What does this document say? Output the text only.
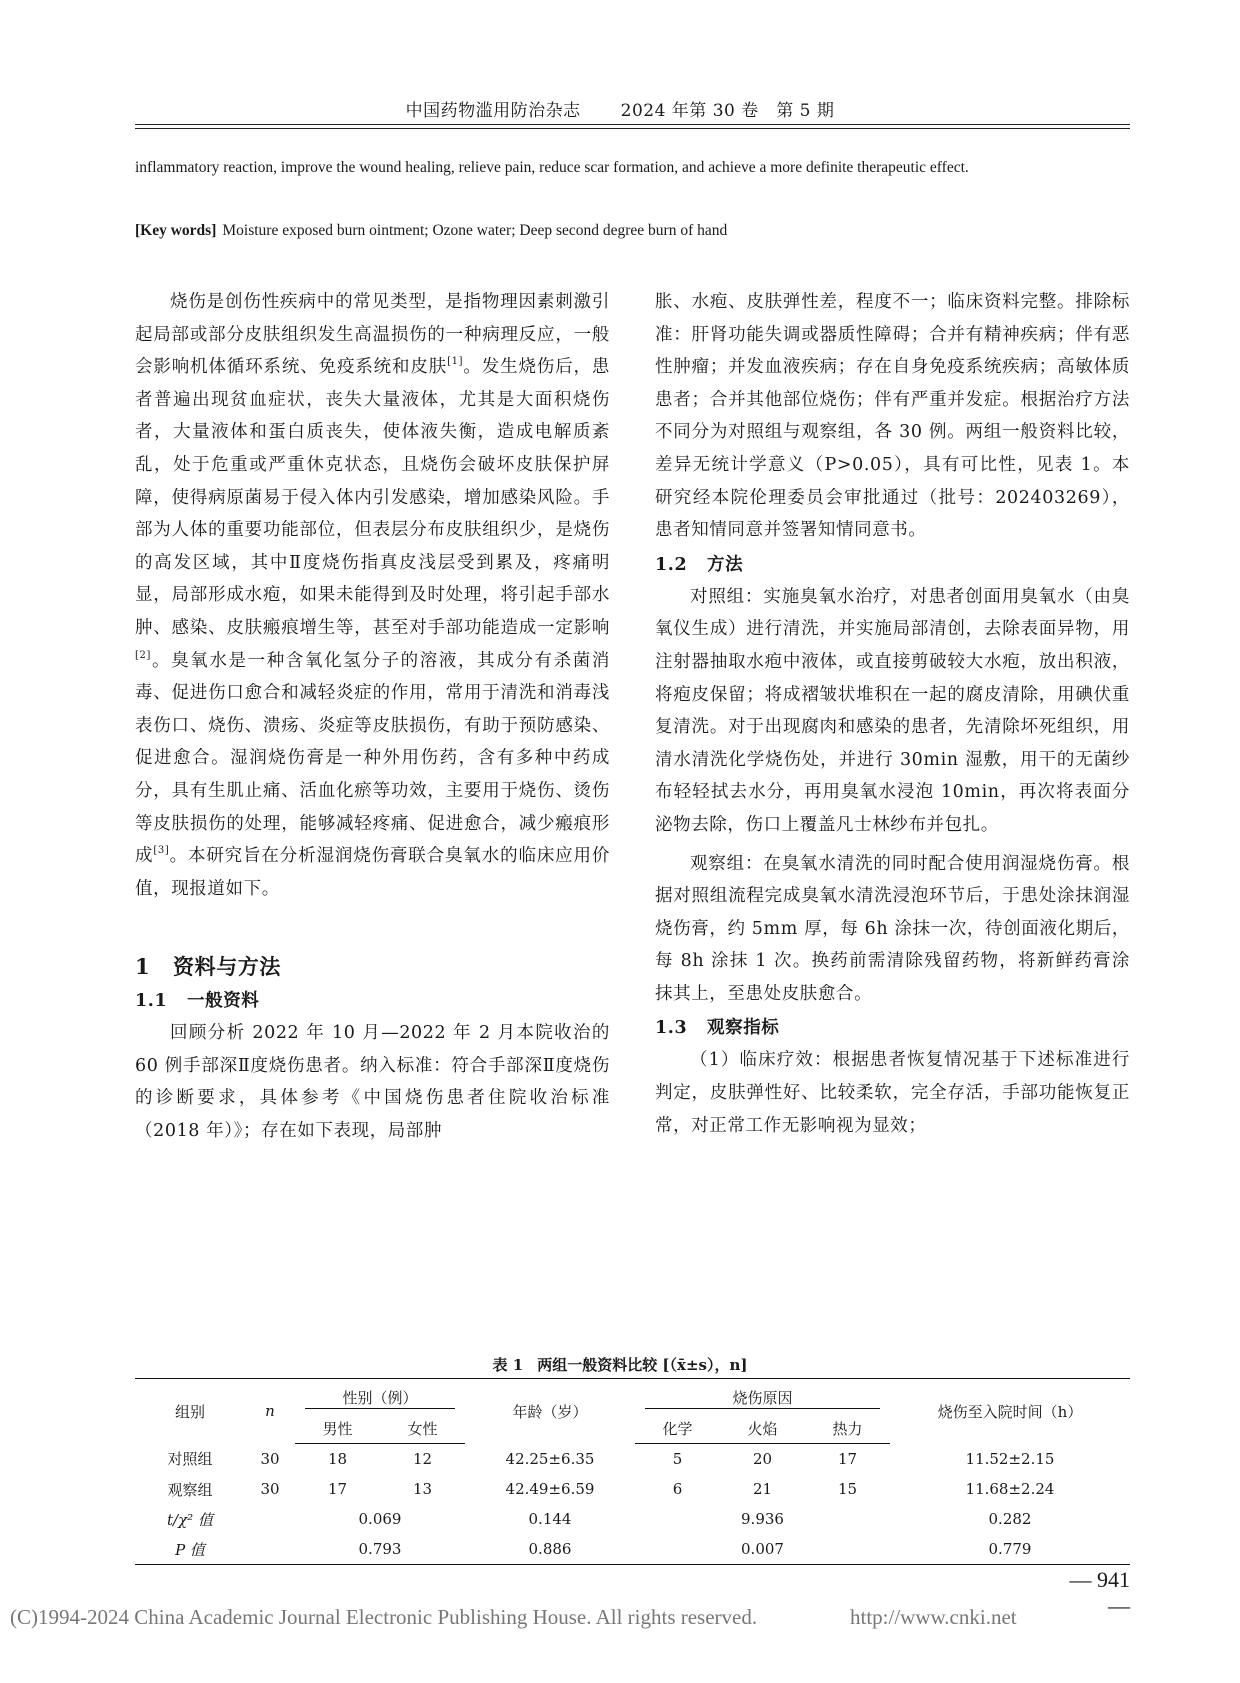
中国药物滥用防治杂志 2024 年第 30 卷　第 5 期
inflammatory reaction, improve the wound healing, relieve pain, reduce scar formation, and achieve a more definite therapeutic effect.
[Key words] Moisture exposed burn ointment; Ozone water; Deep second degree burn of hand

烧伤是创伤性疾病中的常见类型，是指物理因素刺激引起局部或部分皮肤组织发生高温损伤的一种病理反应，一般会影响机体循环系统、免疫系统和皮肤[1]。发生烧伤后，患者普遍出现贫血症状，丧失大量液体，尤其是大面积烧伤者，大量液体和蛋白质丧失，使体液失衡，造成电解质紊乱，处于危重或严重休克状态，且烧伤会破坏皮肤保护屏障，使得病原菌易于侵入体内引发感染，增加感染风险。手部为人体的重要功能部位，但表层分布皮肤组织少，是烧伤的高发区域，其中Ⅱ度烧伤指真皮浅层受到累及，疼痛明显，局部形成水疱，如果未能得到及时处理，将引起手部水肿、感染、皮肤瘢痕增生等，甚至对手部功能造成一定影响[2]。臭氧水是一种含氧化氢分子的溶液，其成分有杀菌消毒、促进伤口愈合和减轻炎症的作用，常用于清洗和消毒浅表伤口、烧伤、溃疡、炎症等皮肤损伤，有助于预防感染、促进愈合。湿润烧伤膏是一种外用伤药，含有多种中药成分，具有生肌止痛、活血化瘀等功效，主要用于烧伤、烫伤等皮肤损伤的处理，能够减轻疼痛、促进愈合，减少瘢痕形成[3]。本研究旨在分析湿润烧伤膏联合臭氧水的临床应用价值，现报道如下。

1 资料与方法
1.1 一般资料

回顾分析 2022 年 10 月—2022 年 2 月本院收治的 60 例手部深Ⅱ度烧伤患者。纳入标准：符合手部深Ⅱ度烧伤的诊断要求，具体参考《中国烧伤患者住院收治标准（2018 年）》；存在如下表现，局部肿

胀、水疱、皮肤弹性差，程度不一；临床资料完整。排除标准：肝肾功能失调或器质性障碍；合并有精神疾病；伴有恶性肿瘤；并发血液疾病；存在自身免疫系统疾病；高敏体质患者；合并其他部位烧伤；伴有严重并发症。根据治疗方法不同分为对照组与观察组，各 30 例。两组一般资料比较，差异无统计学意义（P>0.05），具有可比性，见表 1。本研究经本院伦理委员会审批通过（批号：202403269），患者知情同意并签署知情同意书。

1.2 方法

对照组：实施臭氧水治疗，对患者创面用臭氧水（由臭氧仪生成）进行清洗，并实施局部清创，去除表面异物，用注射器抽取水疱中液体，或直接剪破较大水疱，放出积液，将疱皮保留；将成褶皱状堆积在一起的腐皮清除，用碘伏重复清洗。对于出现腐肉和感染的患者，先清除坏死组织，用清水清洗化学烧伤处，并进行 30min 湿敷，用干的无菌纱布轻轻拭去水分，再用臭氧水浸泡 10min，再次将表面分泌物去除，伤口上覆盖凡士林纱布并包扎。

观察组：在臭氧水清洗的同时配合使用润湿烧伤膏。根据对照组流程完成臭氧水清洗浸泡环节后，于患处涂抹润湿烧伤膏，约 5mm 厚，每 6h 涂抹一次，待创面液化期后，每 8h 涂抹 1 次。换药前需清除残留药物，将新鲜药膏涂抹其上，至患处皮肤愈合。

1.3 观察指标

（1）临床疗效：根据患者恢复情况基于下述标准进行判定，皮肤弹性好、比较柔软，完全存活，手部功能恢复正常，对正常工作无影响视为显效；

表 1 两组一般资料比较 [（x̄±s），n]
组别	n	性别（例）		年龄（岁）	烧伤原因			烧伤至入院时间（h）
		男性	女性		化学	火焰	热力	
对照组	30	18	12	42.25±6.35	5	20	17	11.52±2.15
观察组	30	17	13	42.49±6.59	6	21	15	11.68±2.24
t/χ² 值		0.069		0.144	9.936			0.282
P 值		0.793		0.886	0.007			0.779
— 941 —
(C)1994-2024 China Academic Journal Electronic Publishing House. All rights reserved.	http://www.cnki.net
